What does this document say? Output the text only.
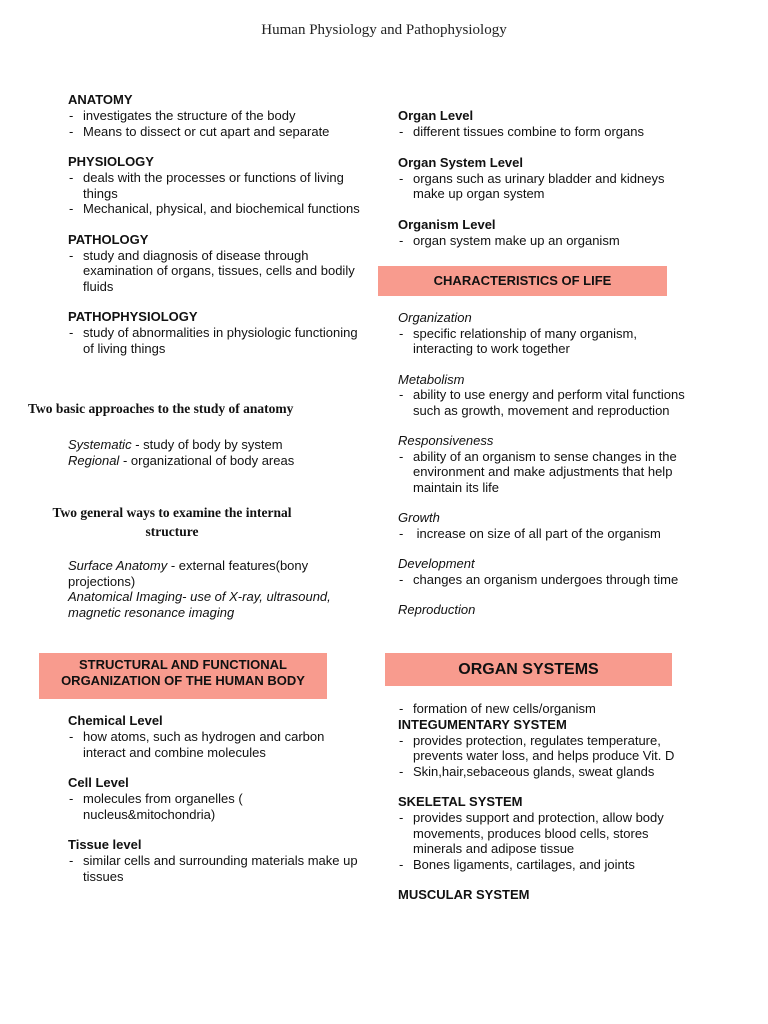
Human Physiology and Pathophysiology
ANATOMY
- investigates the structure of the body
- Means to dissect or cut apart and separate
PHYSIOLOGY
- deals with the processes or functions of living things
- Mechanical, physical, and biochemical functions
PATHOLOGY
- study and diagnosis of disease through examination of organs, tissues, cells and bodily fluids
PATHOPHYSIOLOGY
- study of abnormalities in physiologic functioning of living things
Two basic approaches to the study of anatomy
Systematic - study of body by system
Regional - organizational of body areas
Two general ways to examine the internal structure
Surface Anatomy - external features(bony projections)
Anatomical Imaging- use of X-ray, ultrasound, magnetic resonance imaging
STRUCTURAL AND FUNCTIONAL ORGANIZATION OF THE HUMAN BODY
Chemical Level
- how atoms, such as hydrogen and carbon interact and combine molecules
Cell Level
- molecules from organelles ( nucleus&mitochondria)
Tissue level
- similar cells and surrounding materials make up tissues
Organ Level
- different tissues combine to form organs
Organ System Level
- organs such as urinary bladder and kidneys make up organ system
Organism Level
- organ system make up an organism
CHARACTERISTICS OF LIFE
Organization
- specific relationship of many organism, interacting to work together
Metabolism
- ability to use energy and perform vital functions such as growth, movement and reproduction
Responsiveness
- ability of an organism to sense changes in the environment and make adjustments that help maintain its life
Growth
-  increase on size of all part of the organism
Development
- changes an organism undergoes through time
Reproduction
ORGAN SYSTEMS
- formation of new cells/organism
INTEGUMENTARY SYSTEM
- provides protection, regulates temperature, prevents water loss, and helps produce Vit. D
- Skin,hair,sebaceous glands, sweat glands
SKELETAL SYSTEM
- provides support and protection, allow body movements, produces blood cells, stores minerals and adipose tissue
- Bones ligaments, cartilages, and joints
MUSCULAR SYSTEM
